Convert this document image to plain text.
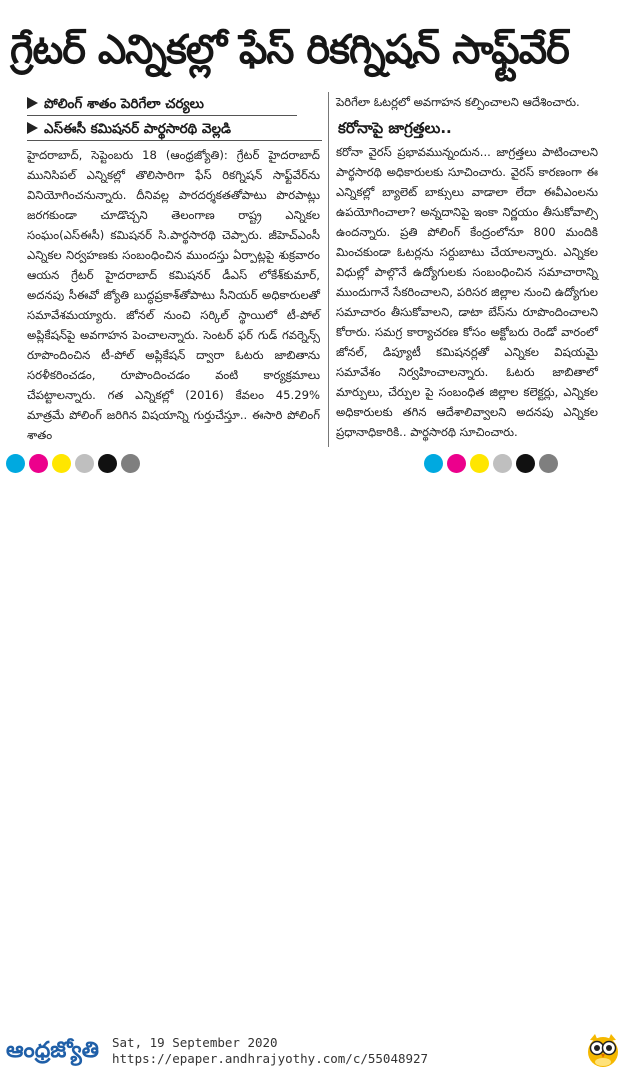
గ్రేటర్ ఎన్నికల్లో ఫేస్ రికగ్నిషన్ సాఫ్ట్‌వేర్
పోలింగ్ శాతం పెరిగేలా చర్యలు
ఎస్ఈసీ కమిషనర్ పార్థసారథి వెల్లడి

హైదరాబాద్, సెప్టెంబరు 18 (ఆంధ్రజ్యోతి): గ్రేటర్ హైదరాబాద్ మునిసిపల్ ఎన్నికల్లో తొలిసారిగా ఫేస్ రికగ్నిషన్ సాఫ్ట్‌వేర్‌ను వినియోగించనున్నారు. దీనివల్ల పారదర్శకతతోపాటు పొరపాట్లు జరగకుండా చూడొచ్చని తెలంగాణ రాష్ట్ర ఎన్నికల సంఘం(ఎస్ఈసీ) కమిషనర్ సి.పార్థసారథి చెప్పారు. జీహెచ్ఎంసీ ఎన్నికల నిర్వహణకు సంబంధించిన ముందస్తు ఏర్పాట్లపై శుక్రవారం ఆయన గ్రేటర్ హైదరాబాద్ కమిషనర్ డీఎస్ లోకేశ్‌కుమార్, అదనపు సీఈవో జ్యోతి బుద్ధప్రకాశ్‌తోపాటు సీనియర్ అధికారులతో సమావేశమయ్యారు. జోనల్ నుంచి సర్కిల్ స్థాయిలో టీ-పోల్ అప్లికేషన్‌పై అవగాహన పెంచాలన్నారు. సెంటర్ ఫర్ గుడ్ గవర్నెన్స్ రూపొందించిన టీ-పోల్ అప్లికేషన్ ద్వారా ఓటరు జాబితాను సరళీకరించడం, రూపొందించడం వంటి కార్యక్రమాలు చేపట్టాలన్నారు. గత ఎన్నికల్లో (2016) కేవలం 45.29% మాత్రమే పోలింగ్ జరిగిన విషయాన్ని గుర్తుచేస్తూ.. ఈసారి పోలింగ్ శాతం

పెరిగేలా ఓటర్లలో అవగాహన కల్పించాలని ఆదేశించారు.

కరోనాపై జాగ్రత్తలు..

కరోనా వైరస్ ప్రభావమున్నందున... జాగ్రత్తలు పాటించాలని పార్థసారథి అధికారులకు సూచించారు. వైరస్ కారణంగా ఈ ఎన్నికల్లో బ్యాలెట్ బాక్సులు వాడాలా లేదా ఈవీఎంలను ఉపయోగించాలా? అన్నదానిపై ఇంకా నిర్ణయం తీసుకోవాల్సి ఉందన్నారు. ప్రతి పోలింగ్ కేంద్రంలోనూ 800 మందికి మించకుండా ఓటర్లను సర్దుబాటు చేయాలన్నారు. ఎన్నికల విధుల్లో పాల్గొనే ఉద్యోగులకు సంబంధించిన సమాచారాన్ని ముందుగానే సేకరించాలని, పరిసర జిల్లాల నుంచి ఉద్యోగుల సమాచారం తీసుకోవాలని, డాటా బేస్‌ను రూపొందించాలని కోరారు. సమగ్ర కార్యాచరణ కోసం అక్టోబరు రెండో వారంలో జోనల్, డిప్యూటీ కమిషనర్లతో ఎన్నికల విషయమై సమావేశం నిర్వహించాలన్నారు. ఓటరు జాబితాలో మార్పులు, చేర్పుల పై సంబంధిత జిల్లాల కలెక్టర్లు, ఎన్నికల అధికారులకు తగిన ఆదేశాలివ్వాలని అదనపు ఎన్నికల ప్రధానాధికారికి.. పార్థసారథి సూచించారు.

ఆంధ్రజ్యోతి Sat, 19 September 2020
https://epaper.andhrajyothy.com/c/55048927
